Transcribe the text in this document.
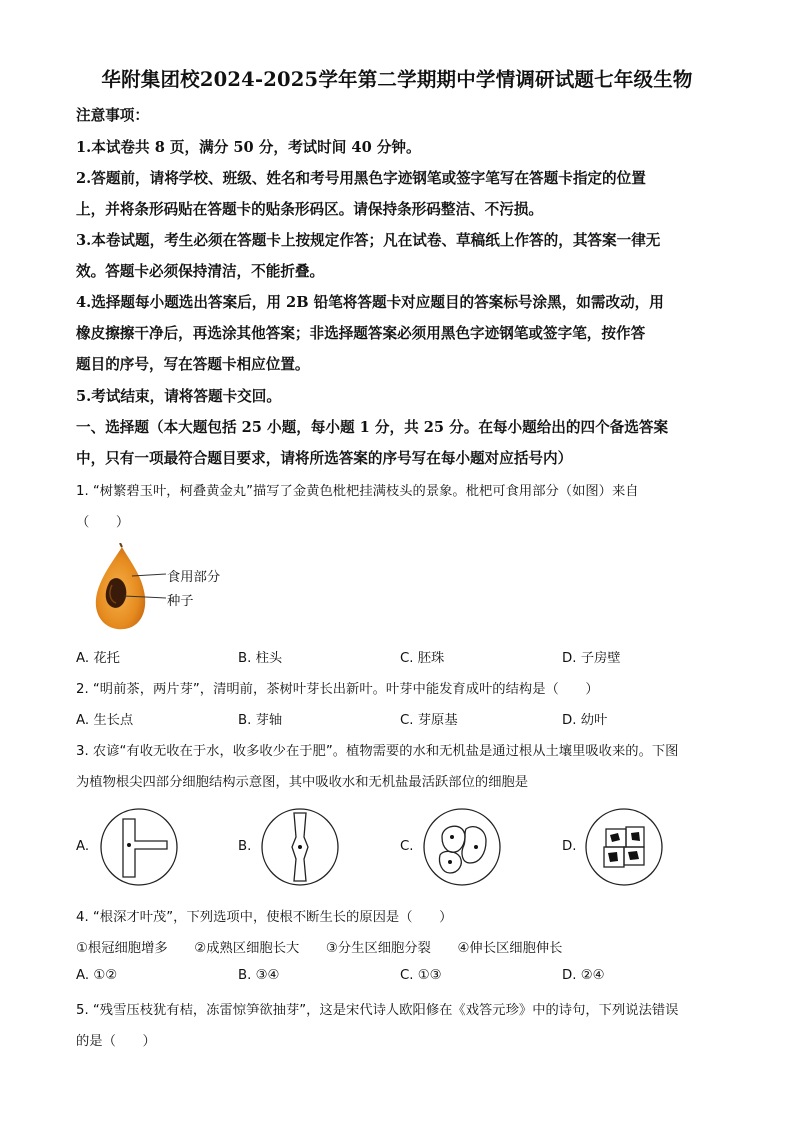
华附集团校2024-2025学年第二学期期中学情调研试题七年级生物
注意事项：
1.本试卷共 8 页，满分 50 分，考试时间 40 分钟。
2.答题前，请将学校、班级、姓名和考号用黑色字迹钢笔或签字笔写在答题卡指定的位置
上，并将条形码贴在答题卡的贴条形码区。请保持条形码整洁、不污损。
3.本卷试题，考生必须在答题卡上按规定作答；凡在试卷、草稿纸上作答的，其答案一律无
效。答题卡必须保持清洁，不能折叠。
4.选择题每小题选出答案后，用 2B 铅笔将答题卡对应题目的答案标号涂黑，如需改动，用
橡皮擦擦干净后，再选涂其他答案；非选择题答案必须用黑色字迹钢笔或签字笔，按作答
题目的序号，写在答题卡相应位置。
5.考试结束，请将答题卡交回。
一、选择题（本大题包括 25 小题，每小题 1 分，共 25 分。在每小题给出的四个备选答案
中，只有一项最符合题目要求，请将所选答案的序号写在每小题对应括号内）
1. “树繁碧玉叶，柯叠黄金丸”描写了金黄色枇杷挂满枝头的景象。枇杷可食用部分（如图）来自
（　　）
食用部分
种子
A. 花托	B. 柱头	C. 胚珠	D. 子房壁
2. “明前茶，两片芽”，清明前，茶树叶芽长出新叶。叶芽中能发育成叶的结构是（　　）
A. 生长点	B. 芽轴	C. 芽原基	D. 幼叶
3. 农谚“有收无收在于水，收多收少在于肥”。植物需要的水和无机盐是通过根从土壤里吸收来的。下图
为植物根尖四部分细胞结构示意图，其中吸收水和无机盐最活跃部位的细胞是
A.	B.	C.	D.
4. “根深才叶茂”，下列选项中，使根不断生长的原因是（　　）
①根冠细胞增多　　②成熟区细胞长大　　③分生区细胞分裂　　④伸长区细胞伸长
A. ①②	B. ③④	C. ①③	D. ②④
5. “残雪压枝犹有桔，冻雷惊笋欲抽芽”，这是宋代诗人欧阳修在《戏答元珍》中的诗句，下列说法错误
的是（　　）
